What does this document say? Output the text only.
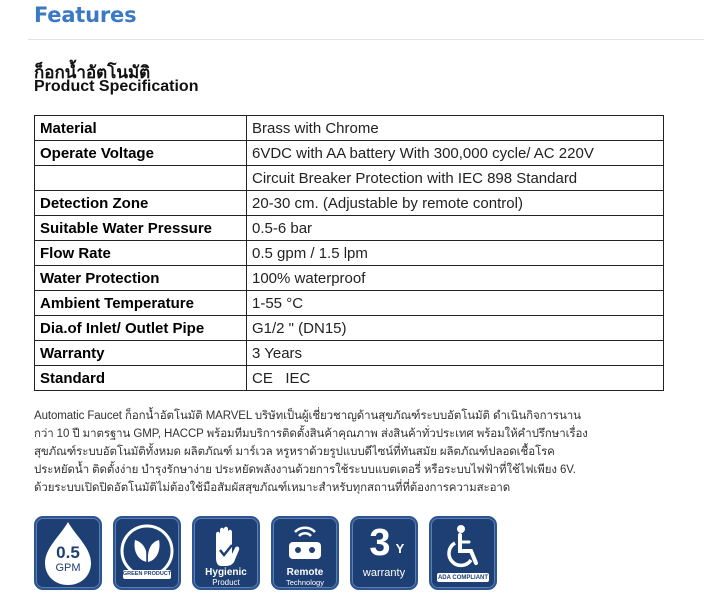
Features
ก็อกน้ำอัตโนมัติ
Product Specification
Material	Brass with Chrome
Operate Voltage	6VDC with AA battery With 300,000 cycle/ AC 220V
	Circuit Breaker Protection with IEC 898 Standard
Detection Zone	20-30 cm. (Adjustable by remote control)
Suitable Water Pressure	0.5-6 bar
Flow Rate	0.5 gpm / 1.5 lpm
Water Protection	100% waterproof
Ambient Temperature	1-55 °C
Dia.of Inlet/ Outlet Pipe	G1/2 " (DN15)
Warranty	3 Years
Standard	CE   IEC
Automatic Faucet ก็อกน้ำอัตโนมัติ MARVEL บริษัทเป็นผู้เชี่ยวชาญด้านสุขภัณฑ์ระบบอัตโนมัติ ดำเนินกิจการนาน
กว่า 10 ปี มาตรฐาน GMP, HACCP พร้อมทีมบริการติดตั้งสินค้าคุณภาพ ส่งสินค้าทั่วประเทศ พร้อมให้คำปรึกษาเรื่อง
สุขภัณฑ์ระบบอัตโนมัติทั้งหมด ผลิตภัณฑ์ มาร์เวล หรูหราด้วยรูปแบบดีไซน์ที่ทันสมัย ผลิตภัณฑ์ปลอดเชื้อโรค
ประหยัดน้ำ ติดตั้งง่าย บำรุงรักษาง่าย ประหยัดพลังงานด้วยการใช้ระบบแบตเตอรี่ หรือระบบไฟฟ้าที่ใช้ไฟเพียง 6V.
ด้วยระบบเปิดปิดอัตโนมัติไม่ต้องใช้มือสัมผัสสุขภัณฑ์เหมาะสำหรับทุกสถานที่ที่ต้องการความสะอาด
0.5
GPM	GREEN PRODUCT	Hygienic
Product
Remote
Technology
3 Y
warranty	ADA COMPLIANT
